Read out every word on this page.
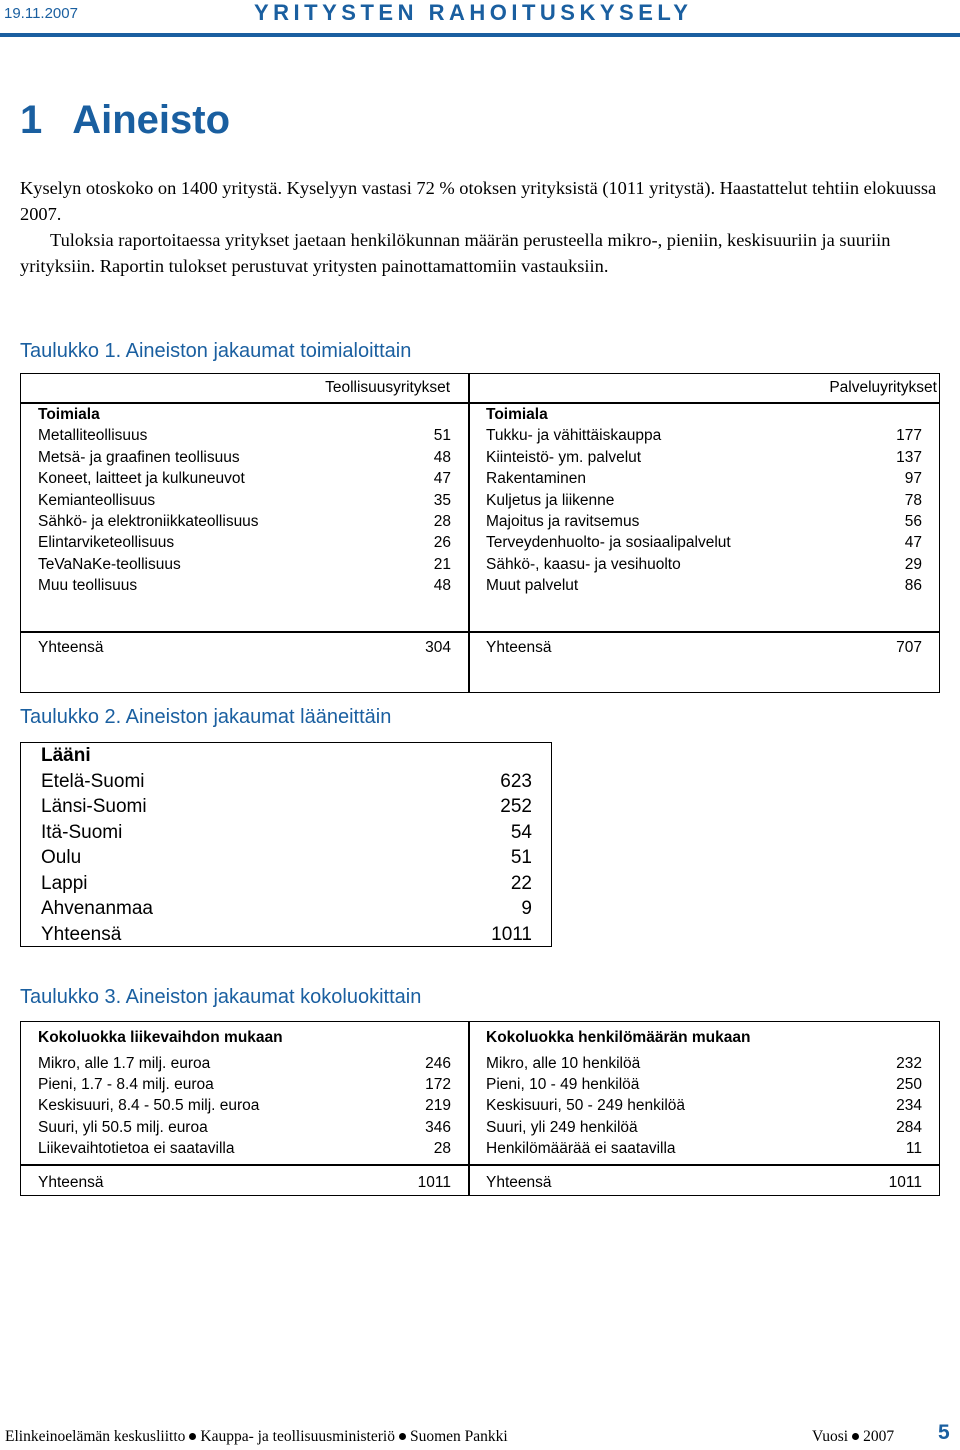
19.11.2007	YRITYSTEN RAHOITUSKYSELY
1 Aineisto

Kyselyn otoskoko on 1400 yritystä. Kyselyyn vastasi 72 % otoksen yrityksistä (1011 yritystä). Haastattelut tehtiin elokuussa 2007.

Tuloksia raportoitaessa yritykset jaetaan henkilökunnan määrän perusteella mikro-, pieniin, keskisuuriin ja suuriin yrityksiin. Raportin tulokset perustuvat yritysten painottamattomiin vastauksiin.

Taulukko 1. Aineiston jakaumat toimialoittain
Teollisuusyritykset	Palveluyritykset
Toimiala
Metalliteollisuus	51
Metsä- ja graafinen teollisuus	48
Koneet, laitteet ja kulkuneuvot	47
Kemianteollisuus	35
Sähkö- ja elektroniikkateollisuus	28
Elintarviketeollisuus	26
TeVaNaKe-teollisuus	21
Muu teollisuus	48
Yhteensä	304
Toimiala
Tukku- ja vähittäiskauppa	177
Kiinteistö- ym. palvelut	137
Rakentaminen	97
Kuljetus ja liikenne	78
Majoitus ja ravitsemus	56
Terveydenhuolto- ja sosiaalipalvelut	47
Sähkö-, kaasu- ja vesihuolto	29
Muut palvelut	86
Yhteensä	707
Taulukko 2. Aineiston jakaumat lääneittäin
Lääni
Etelä-Suomi	623
Länsi-Suomi	252
Itä-Suomi	54
Oulu	51
Lappi	22
Ahvenanmaa	9
Yhteensä	1011
Taulukko 3. Aineiston jakaumat kokoluokittain
Kokoluokka liikevaihdon mukaan
Mikro, alle 1.7 milj. euroa	246
Pieni, 1.7 - 8.4 milj. euroa	172
Keskisuuri, 8.4 - 50.5 milj. euroa	219
Suuri, yli 50.5 milj. euroa	346
Liikevaihtotietoa ei saatavilla	28
Yhteensä	1011
Kokoluokka henkilömäärän mukaan
Mikro, alle 10 henkilöä	232
Pieni, 10 - 49 henkilöä	250
Keskisuuri, 50 - 249 henkilöä	234
Suuri, yli 249 henkilöä	284
Henkilömäärää ei saatavilla	11
Yhteensä	1011
Elinkeinoelämän keskusliitto Kauppa- ja teollisuusministeriö Suomen Pankki	Vuosi 2007 5
